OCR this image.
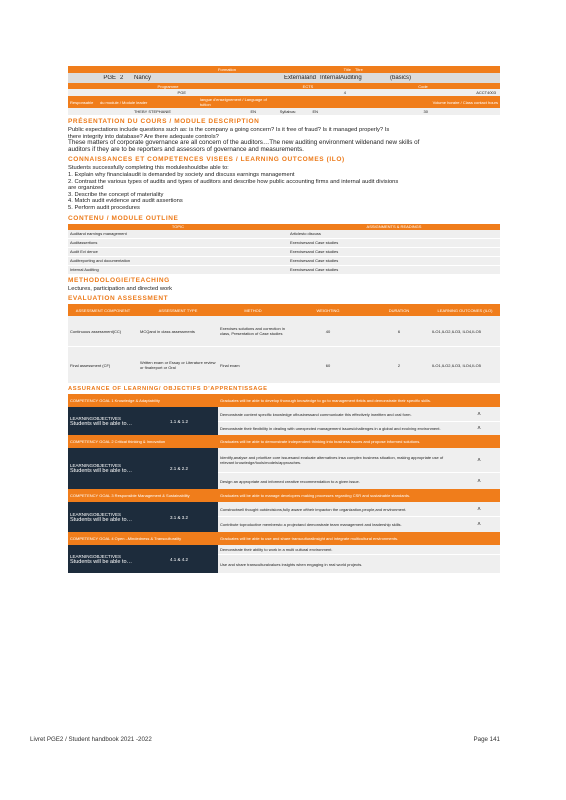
Formation	Title	Titre
PGE 2	Nancy	Externaland InternalAuditing	(basics)
Programme	ECTS	Code
PGE	4	ACCT4003
Responsable	du module / Module leader	langue d'enseignement / Language of tuition	Volume horaire / Class contact hours
THEBY STEPHANIE	EN	Syllabus:	EN	30
PRÉSENTATION DU COURS / MODULE DESCRIPTION
Public expectations include questions such as: is the company a going concern? Is it free of fraud? Is it managed properly? Is
there integrity into database? Are there adequate controls?
These matters of corporate governance are all concern of the auditors…The new auditing environment wildenand new skills of
auditors if they are to be reporters and assessors of governance and measurements.
CONNAISSANCES ET COMPETENCES VISEES / LEARNING OUTCOMES (ILO)
Students successfully completing this moduleshouldbe able to:
1. Explain why financialaudit is demanded by society and discuss earnings management
2. Contrast the various types of audits and types of auditors and describe how public accounting firms and internal audit divisions
are organized
3. Describe the concept of materiality
4. Match audit evidence and audit assertions
5. Perform audit procedures
CONTENU / MODULE OUTLINE
TOPIC	ASSIGNMENTS & READINGS
Auditand earnings management	Articlesto discuss
Auditassertions	Exercisesand Case studies
Audit Evi dence	Exercisesand Case studies
Auditreporting and documentation	Exercisesand Case studies
Internal Auditing	Exercisesand Case studies
METHODOLOGIE/TEACHING
Lectures, participation and directed work
EVALUATION ASSESSMENT
ASSESSMENT COMPONENT	ASSESSMENT TYPE	METHOD	WEIGHTING	DURATION	LEARNING OUTCOMES (ILO)
Continuous assessment(CC)	MCQand in class assessments	Exercises solutions and correction in class, Presentation of Case studies	40	6	ILO1,ILO2,ILO3, ILO4,ILO5
Final assessment (CF)	Written exam or Essay or Literature review or finalreport or Oral	Final exam	60	2	ILO1,ILO2,ILO3, ILO4,ILO5
ASSURANCE OF LEARNING/ OBJECTIFS D'APPRENTISSAGE
COMPETENCY GOAL 1 Knowledge & Adaptability	Graduates will be able to develop thorough knowledge to go to management fields and demonstrate their specific skills.
LEARNINGOBJECTIVES
Students will be able to…	1.1 & 1.2
Demonstrate content specific knowledge ofbusinessand communicate this effectively inwritten and oral form.	X
Demonstrate their flexibility in dealing with unexpected management issues/challenges in a global and evolving environment.	X
COMPETENCY GOAL 2 Critical thinking & Innovation	Graduates will be able to demonstrate independent thinking into business issues and propose informed solutions.
LEARNINGOBJECTIVES
Students will be able to…	2.1 & 2.2
Identify,analyse and prioritize core issuesand evaluate alternatives insa complex business situation, making appropriate use of relevant knowledge/tools/models/approaches.	X
Design an appropriate and informed creative recommendation to a given issue.	X
COMPETENCY GOAL 3 Responsible Management & Sustainability	Graduates will be able to manage developers making processes regarding CSR and sustainable standards.
LEARNINGOBJECTIVES
Students will be able to…	3.1 & 3.2
Constructwell thought outdecisions,fully aware oftheir impacton the organization,people,and environment.	X
Contribute toproductive membersto a projectand demonstrate team management and leadership skills.	X
COMPETENCY GOAL 4 Open –Mindedness & Transculturality	Graduates will be able to use and share transculturalinsight and integrate multicultural environments.
LEARNINGOBJECTIVES
Students will be able to…	4.1 & 4.2
Demonstrate their ability to work in a multi cultural environment.
Use and share transculturalvalues insights when engaging in real world projects.
Livret PGE2 / Student handbook 2021 -2022	Page 141
